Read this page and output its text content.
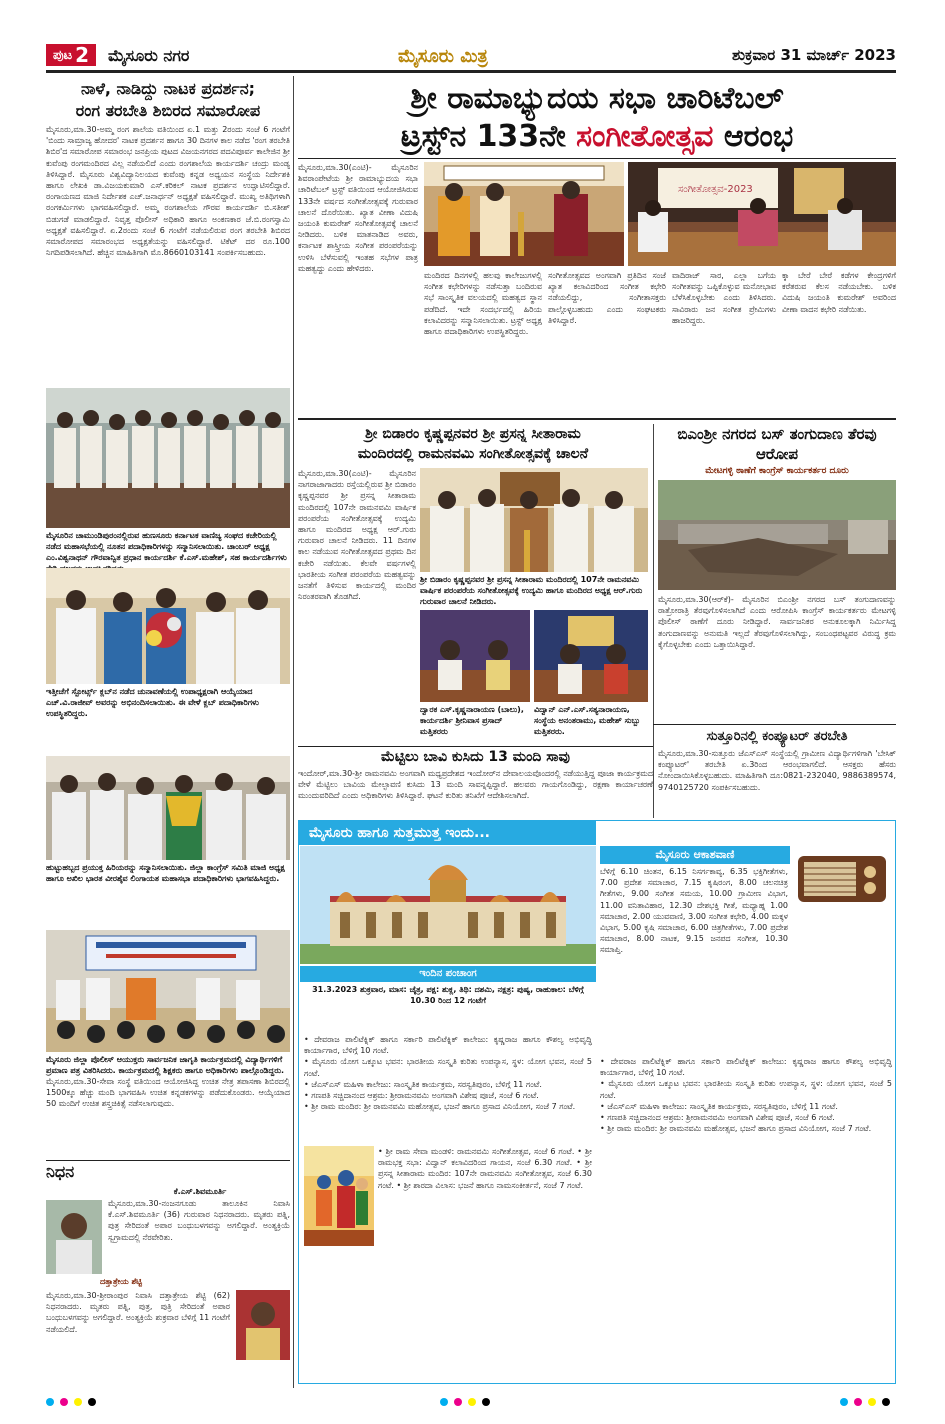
ಪುಟ 2 ಮೈಸೂರು ನಗರ	ಮೈಸೂರು ಮಿತ್ರ	ಶುಕ್ರವಾರ 31 ಮಾರ್ಚ್ 2023
ನಾಳೆ, ನಾಡಿದ್ದು ನಾಟಕ ಪ್ರದರ್ಶನ;
ರಂಗ ತರಬೇತಿ ಶಿಬಿರದ ಸಮಾರೋಪ
ಮೈಸೂರು,ಮಾ.30-ಅಮ್ಮ ರಂಗ ಶಾಲೆಯ ವತಿಯಿಂದ ಏ.1 ಮತ್ತು 2ರಂದು ಸಂಜೆ 6 ಗಂಟೆಗೆ 'ಬಿಂದು ಸಾಮ್ರಾಜ್ಯ ಹೋದರ' ನಾಟಕ ಪ್ರದರ್ಶನ ಹಾಗೂ 30 ದಿನಗಳ ಕಾಲ ನಡೆದ 'ರಂಗ ತರಬೇತಿ ಶಿಬಿರ'ದ ಸಮಾರೋಪ ಸಮಾರಂಭ ಜನಪ್ರಿಯ ಪುಟದ ವಿಜಯನಗರದ ಪದವಿಪೂರ್ವ ಕಾಲೇಜಿನ ಶ್ರೀ ಕುವೆಂಪು ರಂಗಮಂದಿರದ ವಿಲ್ಲ ನಡೆಯಲಿದೆ ಎಂದು ರಂಗಶಾಲೆಯ ಕಾರ್ಯದರ್ಶಿ ಚಂದ್ರು ಮಂಡ್ಯ ತಿಳಿಸಿದ್ದಾರೆ. ಮೈಸೂರು ವಿಶ್ವವಿದ್ಯಾನಿಲಯದ ಕುವೆಂಪು ಕನ್ನಡ ಅಧ್ಯಯನ ಸಂಸ್ಥೆಯ ನಿರ್ದೇಶಕಿ ಹಾಗೂ ಲೇಖಕಿ ಡಾ.ವಿಜಯಕುಮಾರಿ ಎಸ್.ಕರಿಕಲ್ ನಾಟಕ ಪ್ರದರ್ಶನ ಉದ್ಘಾಟಿಸಲಿದ್ದಾರೆ. ರಂಗಾಯಣದ ಮಾಜಿ ನಿರ್ದೇಶಕ ಎಚ್.ಜನಾರ್ಧನ್ ಅಧ್ಯಕ್ಷತೆ ವಹಿಸಲಿದ್ದಾರೆ. ಮುಖ್ಯ ಅತಿಥಿಗಳಾಗಿ ರಂಗಕರ್ಮಿಗಳು ಭಾಗವಹಿಸಲಿದ್ದಾರೆ. ಅಮ್ಮ ರಂಗಶಾಲೆಯ ಗೌರವ ಕಾರ್ಯದರ್ಶಿ ಬಿ.ಸತೀಶ್ ಬಿಡುಗಡೆ ಮಾಡಲಿದ್ದಾರೆ. ನಿವೃತ್ತ ಪೊಲೀಸ್ ಅಧಿಕಾರಿ ಹಾಗೂ ಅಂಕಣಕಾರ ಜೆ.ಬಿ.ರಂಗಸ್ವಾಮಿ ಅಧ್ಯಕ್ಷತೆ ವಹಿಸಲಿದ್ದಾರೆ. ಏ.2ರಂದು ಸಂಜೆ 6 ಗಂಟೆಗೆ ನಡೆಯಲಿರುವ ರಂಗ ತರಬೇತಿ ಶಿಬಿರದ ಸಮಾರೋಪದ ಸಮಾರಂಭದ ಅಧ್ಯಕ್ಷತೆಯನ್ನು ವಹಿಸಲಿದ್ದಾರೆ. ಟಿಕೆಟ್ ದರ ರೂ.100 ನಿಗದಿಪಡಿಸಲಾಗಿದೆ. ಹೆಚ್ಚಿನ ಮಾಹಿತಿಗಾಗಿ ಮೊ.8660103141 ಸಂಪರ್ಕಿಸಬಹುದು.
ಮೈಸೂರಿನ ಚಾಮುಂಡಿಪುರಂನಲ್ಲಿರುವ ಹುಣಸೂರು ಕರ್ನಾಟಕ ವಾಣಿಜ್ಯ ಸಂಘದ ಕಚೇರಿಯಲ್ಲಿ ನಡೆದ ಮಹಾಸಭೆಯಲ್ಲಿ ನೂತನ ಪದಾಧಿಕಾರಿಗಳನ್ನು ಸನ್ಮಾನಿಸಲಾಯಿತು. ಚಾಂಬರ್ ಅಧ್ಯಕ್ಷ ಎಂ.ವಿಶ್ವನಾಥನ್ ಗೌರವಾನ್ವಿತ ಪ್ರಧಾನ ಕಾರ್ಯದರ್ಶಿ ಕೆ.ಎಸ್.ಮಹೇಶ್, ಸಹ ಕಾರ್ಯದರ್ಶಿಗಳು
ಇತ್ತೀಚೆಗೆ ಸ್ಪೋರ್ಟ್ಸ್ ಕ್ಲಬ್‌ನ ನಡೆದ ಚುನಾವಣೆಯಲ್ಲಿ ಉಪಾಧ್ಯಕ್ಷರಾಗಿ ಆಯ್ಕೆಯಾದ ಎಚ್.ವಿ.ರಾಜೀವ್ ಅವರನ್ನು ಅಭಿನಂದಿಸಲಾಯಿತು. ಈ ವೇಳೆ ಕ್ಲಬ್ ಪದಾಧಿಕಾರಿಗಳು ಉಪಸ್ಥಿತರಿದ್ದರು.
ಹುಟ್ಟುಹಬ್ಬದ ಪ್ರಯುಕ್ತ ಹಿರಿಯರನ್ನು ಸನ್ಮಾನಿಸಲಾಯಿತು. ಜಿಲ್ಲಾ ಕಾಂಗ್ರೆಸ್ ಸಮಿತಿ ಮಾಜಿ ಅಧ್ಯಕ್ಷ ಹಾಗೂ ಅಖಿಲ ಭಾರತ ವೀರಶೈವ ಲಿಂಗಾಯತ ಮಹಾಸಭಾ ಪದಾಧಿಕಾರಿಗಳು ಭಾಗವಹಿಸಿದ್ದರು.
ಮೈಸೂರು ಜಿಲ್ಲಾ ಪೊಲೀಸ್ ಆಯುಕ್ತರು ಸಾರ್ವಜನಿಕ ಜಾಗೃತಿ ಕಾರ್ಯಕ್ರಮದಲ್ಲಿ ವಿದ್ಯಾರ್ಥಿಗಳಿಗೆ ಪ್ರಮಾಣ ಪತ್ರ ವಿತರಿಸಿದರು. ಕಾರ್ಯಕ್ರಮದಲ್ಲಿ ಶಿಕ್ಷಕರು ಹಾಗೂ ಅಧಿಕಾರಿಗಳು ಪಾಲ್ಗೊಂಡಿದ್ದರು.
ಮೈಸೂರು,ಮಾ.30-ಸೇವಾ ಸಂಸ್ಥೆ ವತಿಯಿಂದ ಆಯೋಜಿಸಿದ್ದ ಉಚಿತ ನೇತ್ರ ತಪಾಸಣಾ ಶಿಬಿರದಲ್ಲಿ 1500ಕ್ಕೂ ಹೆಚ್ಚು ಮಂದಿ ಭಾಗವಹಿಸಿ ಉಚಿತ ಕನ್ನಡಕಗಳನ್ನು ಪಡೆದುಕೊಂಡರು. ಆಯ್ಕೆಯಾದ 50 ಮಂದಿಗೆ ಉಚಿತ ಶಸ್ತ್ರಚಿಕಿತ್ಸೆ ನಡೆಸಲಾಗುವುದು.
ನಿಧನ
ಕೆ.ಎಸ್.ಶಿವಮೂರ್ತಿ
ಮೈಸೂರು,ಮಾ.30-ನಂಜನಗೂಡು ತಾಲೂಕಿನ ನಿವಾಸಿ ಕೆ.ಎಸ್.ಶಿವಮೂರ್ತಿ (36) ಗುರುವಾರ ನಿಧನರಾದರು. ಮೃತರು ಪತ್ನಿ, ಪುತ್ರ ಸೇರಿದಂತೆ ಅಪಾರ ಬಂಧುಬಳಗವನ್ನು ಅಗಲಿದ್ದಾರೆ. ಅಂತ್ಯಕ್ರಿಯೆ ಸ್ವಗ್ರಾಮದಲ್ಲಿ ನೆರವೇರಿತು.
ದತ್ತಾತ್ರೇಯ ಶೆಟ್ಟಿ
ಮೈಸೂರು,ಮಾ.30-ಶ್ರೀರಾಂಪುರ ನಿವಾಸಿ ದತ್ತಾತ್ರೇಯ ಶೆಟ್ಟಿ (62) ನಿಧನರಾದರು. ಮೃತರು ಪತ್ನಿ, ಪುತ್ರ, ಪುತ್ರಿ ಸೇರಿದಂತೆ ಅಪಾರ ಬಂಧುಬಳಗವನ್ನು ಅಗಲಿದ್ದಾರೆ. ಅಂತ್ಯಕ್ರಿಯೆ ಶುಕ್ರವಾರ ಬೆಳಿಗ್ಗೆ 11 ಗಂಟೆಗೆ ನಡೆಯಲಿದೆ.
ಶ್ರೀ ರಾಮಾಭ್ಯುದಯ ಸಭಾ ಚಾರಿಟೆಬಲ್
ಟ್ರಸ್ಟ್‌ನ 133ನೇ ಸಂಗೀತೋತ್ಸವ ಆರಂಭ
ಮೈಸೂರು,ಮಾ.30(ಎಂಟಿ)- ಮೈಸೂರಿನ ಶಿವರಾಂಪೇಟೆಯ ಶ್ರೀ ರಾಮಾಭ್ಯುದಯ ಸಭಾ ಚಾರಿಟೆಬಲ್ ಟ್ರಸ್ಟ್ ವತಿಯಿಂದ ಆಯೋಜಿಸಿರುವ 133ನೇ ವರ್ಷದ ಸಂಗೀತೋತ್ಸವಕ್ಕೆ ಗುರುವಾರ ಚಾಲನೆ ದೊರೆಯಿತು. ಖ್ಯಾತ ವೀಣಾ ವಿದುಷಿ ಜಯಂತಿ ಕುಮರೇಶ್ ಸಂಗೀತೋತ್ಸವಕ್ಕೆ ಚಾಲನೆ ನೀಡಿದರು. ಬಳಿಕ ಮಾತನಾಡಿದ ಅವರು, ಕರ್ನಾಟಕ ಶಾಸ್ತ್ರೀಯ ಸಂಗೀತ ಪರಂಪರೆಯನ್ನು ಉಳಿಸಿ ಬೆಳೆಸುವಲ್ಲಿ ಇಂತಹ ಸಭೆಗಳ ಪಾತ್ರ ಮಹತ್ವದ್ದು ಎಂದು ಹೇಳಿದರು.
ಸಂಗೀತೋತ್ಸವ-2023
ಮಂದಿರದ ದಿನಗಳಲ್ಲಿ ಹಲವು ಕಾಲೇಜುಗಳಲ್ಲಿ ಸಂಗೀತ ಕಛೇರಿಗಳನ್ನು ನಡೆಸುತ್ತಾ ಬಂದಿರುವ ಸಭೆ ಸಾಂಸ್ಕೃತಿಕ ವಲಯದಲ್ಲಿ ಮಹತ್ವದ ಸ್ಥಾನ ಪಡೆದಿದೆ. ಇದೇ ಸಂದರ್ಭದಲ್ಲಿ ಹಿರಿಯ ಕಲಾವಿದರನ್ನು ಸನ್ಮಾನಿಸಲಾಯಿತು. ಟ್ರಸ್ಟ್ ಅಧ್ಯಕ್ಷ ಹಾಗೂ ಪದಾಧಿಕಾರಿಗಳು ಉಪಸ್ಥಿತರಿದ್ದರು.
ಸಂಗೀತೋತ್ಸವದ ಅಂಗವಾಗಿ ಪ್ರತಿದಿನ ಸಂಜೆ ಖ್ಯಾತ ಕಲಾವಿದರಿಂದ ಸಂಗೀತ ಕಛೇರಿ ನಡೆಯಲಿದ್ದು, ಸಂಗೀತಾಸಕ್ತರು ಪಾಲ್ಗೊಳ್ಳಬಹುದು ಎಂದು ಸಂಘಟಕರು ತಿಳಿಸಿದ್ದಾರೆ.
ವಾದಿರಾಜ್ ಸಾರ, ಎಲ್ಲಾ ಬಗೆಯ ಸಂಗೀತವನ್ನು ಒಪ್ಪಿಕೊಳ್ಳುವ ಮನೋಭಾವ ಬೆಳೆಸಿಕೊಳ್ಳಬೇಕು ಎಂದು ತಿಳಿಸಿದರು. ಸಾವಿರಾರು ಜನ ಸಂಗೀತ ಪ್ರೇಮಿಗಳು ಹಾಜರಿದ್ದರು.
ಕ್ಕಾ ಬೇರೆ ಬೇರೆ ಕಡೆಗಳ ಕೇಂದ್ರಗಳಿಗೆ ಕರೆತರುವ ಕೆಲಸ ನಡೆಯಬೇಕು. ಬಳಿಕ ವಿದುಷಿ ಜಯಂತಿ ಕುಮರೇಶ್ ಅವರಿಂದ ವೀಣಾ ವಾದನ ಕಛೇರಿ ನಡೆಯಿತು.
ಶ್ರೀ ಬಿಡಾರಂ ಕೃಷ್ಣಪ್ಪನವರ ಶ್ರೀ ಪ್ರಸನ್ನ ಸೀತಾರಾಮ
ಮಂದಿರದಲ್ಲಿ ರಾಮನವಮಿ ಸಂಗೀತೋತ್ಸವಕ್ಕೆ ಚಾಲನೆ
ಮೈಸೂರು,ಮಾ.30(ಎಂಟಿ)- ಮೈಸೂರಿನ ನಾಗರಾಜಾಗಾದರು ರಸ್ತೆಯಲ್ಲಿರುವ ಶ್ರೀ ಬಿಡಾರಂ ಕೃಷ್ಣಪ್ಪನವರ ಶ್ರೀ ಪ್ರಸನ್ನ ಸೀತಾರಾಮ ಮಂದಿರದಲ್ಲಿ 107ನೇ ರಾಮನವಮಿ ವಾರ್ಷಿಕ ಪರಂಪರೆಯ ಸಂಗೀತೋತ್ಸವಕ್ಕೆ ಉದ್ಯಮಿ ಹಾಗೂ ಮಂದಿರದ ಅಧ್ಯಕ್ಷ ಆರ್.ಗುರು ಗುರುವಾರ ಚಾಲನೆ ನೀಡಿದರು. 11 ದಿನಗಳ ಕಾಲ ನಡೆಯುವ ಸಂಗೀತೋತ್ಸವದ ಪ್ರಥಮ ದಿನ ಕಚೇರಿ ನಡೆಯಿತು. ಕೆಲವೇ ವರ್ಷಗಳಲ್ಲಿ ಭಾರತೀಯ ಸಂಗೀತ ಪರಂಪರೆಯ ಮಹತ್ವವನ್ನು ಜನತೆಗೆ ತಿಳಿಸುವ ಕಾರ್ಯದಲ್ಲಿ ಮಂದಿರ ನಿರಂತರವಾಗಿ ತೊಡಗಿದೆ.
ಶ್ರೀ ಬಿಡಾರಂ ಕೃಷ್ಣಪ್ಪನವರ ಶ್ರೀ ಪ್ರಸನ್ನ ಸೀತಾರಾಮ ಮಂದಿರದಲ್ಲಿ 107ನೇ ರಾಮನವಮಿ ವಾರ್ಷಿಕ ಪರಂಪರೆಯ ಸಂಗೀತೋತ್ಸವಕ್ಕೆ ಉದ್ಯಮಿ ಹಾಗೂ ಮಂದಿರದ ಅಧ್ಯಕ್ಷ ಆರ್.ಗುರು ಗುರುವಾರ ಚಾಲನೆ ನೀಡಿದರು.
ದ್ವಾರಕ ಎಸ್.ಕೃಷ್ಣನಾರಾಯಣ (ಬಾಲು), ಕಾರ್ಯದರ್ಶಿ ಶ್ರೀನಿವಾಸ ಪ್ರಸಾದ್ ಮತ್ತಿತರರು
ವಿದ್ವಾನ್ ಎನ್.ಎಸ್.ಸತ್ಯನಾರಾಯಣ, ಸಂಸ್ಥೆಯ ಅನಂತರಾಮು, ಮಹೇಶ್ ಸುಬ್ಬು ಮತ್ತಿತರರು.
ಬಿಎಂಶ್ರೀ ನಗರದ ಬಸ್ ತಂಗುದಾಣ ತೆರವು ಆರೋಪ
ಮೇಟಗಳ್ಳಿ ಠಾಣೆಗೆ ಕಾಂಗ್ರೆಸ್ ಕಾರ್ಯಕರ್ತರ ದೂರು
ಮೈಸೂರು,ಮಾ.30(ಆರ್‌ಕೆ)- ಮೈಸೂರಿನ ಬಿಎಂಶ್ರೀ ನಗರದ ಬಸ್ ತಂಗುದಾಣವನ್ನು ರಾತ್ರೋರಾತ್ರಿ ತೆರವುಗೊಳಿಸಲಾಗಿದೆ ಎಂದು ಆರೋಪಿಸಿ ಕಾಂಗ್ರೆಸ್ ಕಾರ್ಯಕರ್ತರು ಮೇಟಗಳ್ಳಿ ಪೊಲೀಸ್ ಠಾಣೆಗೆ ದೂರು ನೀಡಿದ್ದಾರೆ. ಸಾರ್ವಜನಿಕರ ಅನುಕೂಲಕ್ಕಾಗಿ ನಿರ್ಮಿಸಿದ್ದ ತಂಗುದಾಣವನ್ನು ಅನುಮತಿ ಇಲ್ಲದೆ ತೆರವುಗೊಳಿಸಲಾಗಿದ್ದು, ಸಂಬಂಧಪಟ್ಟವರ ವಿರುದ್ಧ ಕ್ರಮ ಕೈಗೊಳ್ಳಬೇಕು ಎಂದು ಒತ್ತಾಯಿಸಿದ್ದಾರೆ.
ಸುತ್ತೂರಿನಲ್ಲಿ ಕಂಪ್ಯೂಟರ್ ತರಬೇತಿ
ಮೈಸೂರು,ಮಾ.30-ಸುತ್ತೂರು ಜೆಎಸ್‌ಎಸ್ ಸಂಸ್ಥೆಯಲ್ಲಿ ಗ್ರಾಮೀಣ ವಿದ್ಯಾರ್ಥಿಗಳಿಗಾಗಿ 'ಬೇಸಿಕ್ ಕಂಪ್ಯೂಟರ್' ತರಬೇತಿ ಏ.3ರಿಂದ ಆರಂಭವಾಗಲಿದೆ. ಆಸಕ್ತರು ಹೆಸರು ನೋಂದಾಯಿಸಿಕೊಳ್ಳಬಹುದು. ಮಾಹಿತಿಗಾಗಿ ದೂ:0821-232040, 9886389574, 9740125720 ಸಂಪರ್ಕಿಸಬಹುದು.
ಮೆಟ್ಟಿಲು ಬಾವಿ ಕುಸಿದು 13 ಮಂದಿ ಸಾವು
ಇಂದೋರ್,ಮಾ.30-ಶ್ರೀ ರಾಮನವಮಿ ಅಂಗವಾಗಿ ಮಧ್ಯಪ್ರದೇಶದ ಇಂದೋರ್‌ನ ದೇವಾಲಯವೊಂದರಲ್ಲಿ ನಡೆಯುತ್ತಿದ್ದ ಪೂಜಾ ಕಾರ್ಯಕ್ರಮದ ವೇಳೆ ಮೆಟ್ಟಿಲು ಬಾವಿಯ ಮೇಲ್ಛಾವಣಿ ಕುಸಿದು 13 ಮಂದಿ ಸಾವನ್ನಪ್ಪಿದ್ದಾರೆ. ಹಲವರು ಗಾಯಗೊಂಡಿದ್ದು, ರಕ್ಷಣಾ ಕಾರ್ಯಾಚರಣೆ ಮುಂದುವರಿದಿದೆ ಎಂದು ಅಧಿಕಾರಿಗಳು ತಿಳಿಸಿದ್ದಾರೆ. ಘಟನೆ ಕುರಿತು ತನಿಖೆಗೆ ಆದೇಶಿಸಲಾಗಿದೆ.
ಮೈಸೂರು ಹಾಗೂ ಸುತ್ತಮುತ್ತ ಇಂದು...
ಇಂದಿನ ಪಂಚಾಂಗ
31.3.2023 ಶುಕ್ರವಾರ, ಮಾಸ: ಚೈತ್ರ, ಪಕ್ಷ: ಶುಕ್ಲ, ತಿಥಿ: ದಶಮಿ, ನಕ್ಷತ್ರ: ಪುಷ್ಯ, ರಾಹುಕಾಲ: ಬೆಳಿಗ್ಗೆ 10.30 ರಿಂದ 12 ಗಂಟೆಗೆ
• ದೇವರಾಜ ಪಾಲಿಟೆಕ್ನಿಕ್ ಹಾಗೂ ಸರ್ಕಾರಿ ಪಾಲಿಟೆಕ್ನಿಕ್ ಕಾಲೇಜು: ಕೃಷ್ಣರಾಜ ಹಾಗೂ ಕೌಶಲ್ಯ ಅಭಿವೃದ್ಧಿ ಕಾರ್ಯಾಗಾರ, ಬೆಳಿಗ್ಗೆ 10 ಗಂಟೆ.
• ಮೈಸೂರು ಯೋಗ ಒಕ್ಕೂಟ ಭವನ: ಭಾರತೀಯ ಸಂಸ್ಕೃತಿ ಕುರಿತು ಉಪನ್ಯಾಸ, ಸ್ಥಳ: ಯೋಗ ಭವನ, ಸಂಜೆ 5 ಗಂಟೆ.
• ಜೆಎಸ್ಎಸ್ ಮಹಿಳಾ ಕಾಲೇಜು: ಸಾಂಸ್ಕೃತಿಕ ಕಾರ್ಯಕ್ರಮ, ಸರಸ್ವತಿಪುರಂ, ಬೆಳಿಗ್ಗೆ 11 ಗಂಟೆ.
• ಗಣಪತಿ ಸಚ್ಚಿದಾನಂದ ಆಶ್ರಮ: ಶ್ರೀರಾಮನವಮಿ ಅಂಗವಾಗಿ ವಿಶೇಷ ಪೂಜೆ, ಸಂಜೆ 6 ಗಂಟೆ.
• ಶ್ರೀ ರಾಮ ಮಂದಿರ: ಶ್ರೀ ರಾಮನವಮಿ ಮಹೋತ್ಸವ, ಭಜನೆ ಹಾಗೂ ಪ್ರಸಾದ ವಿನಿಯೋಗ, ಸಂಜೆ 7 ಗಂಟೆ.
• ಶ್ರೀ ರಾಮ ಸೇವಾ ಮಂಡಳಿ: ರಾಮನವಮಿ ಸಂಗೀತೋತ್ಸವ, ಸಂಜೆ 6 ಗಂಟೆ. • ಶ್ರೀ ರಾಮಭಕ್ತ ಸಭಾ: ವಿದ್ವಾನ್ ಕಲಾವಿದರಿಂದ ಗಾಯನ, ಸಂಜೆ 6.30 ಗಂಟೆ. • ಶ್ರೀ ಪ್ರಸನ್ನ ಸೀತಾರಾಮ ಮಂದಿರ: 107ನೇ ರಾಮನವಮಿ ಸಂಗೀತೋತ್ಸವ, ಸಂಜೆ 6.30 ಗಂಟೆ. • ಶ್ರೀ ಶಾರದಾ ವಿಲಾಸ: ಭಜನೆ ಹಾಗೂ ನಾಮಸಂಕೀರ್ತನೆ, ಸಂಜೆ 7 ಗಂಟೆ.
ಮೈಸೂರು ಆಕಾಶವಾಣಿ
ಬೆಳಿಗ್ಗೆ 6.10 ಚಿಂತನ, 6.15 ನಿಸರ್ಗಕಾವ್ಯ, 6.35 ಭಕ್ತಿಗೀತೆಗಳು, 7.00 ಪ್ರದೇಶ ಸಮಾಚಾರ, 7.15 ಕೃಷಿರಂಗ, 8.00 ಚಲನಚಿತ್ರ ಗೀತೆಗಳು, 9.00 ಸಂಗೀತ ಸಮಯ, 10.00 ಗ್ರಾಮೀಣ ವಿಭಾಗ, 11.00 ವನಿತಾವಿಹಾರ, 12.30 ದೇಶಭಕ್ತಿ ಗೀತೆ, ಮಧ್ಯಾಹ್ನ 1.00 ಸಮಾಚಾರ, 2.00 ಯುವವಾಣಿ, 3.00 ಸಂಗೀತ ಕಛೇರಿ, 4.00 ಮಕ್ಕಳ ವಿಭಾಗ, 5.00 ಕೃಷಿ ಸಮಾಚಾರ, 6.00 ಚಿತ್ರಗೀತೆಗಳು, 7.00 ಪ್ರದೇಶ ಸಮಾಚಾರ, 8.00 ನಾಟಕ, 9.15 ಜನಪದ ಸಂಗೀತ, 10.30 ಸಮಾಪ್ತಿ.
• ದೇವರಾಜ ಪಾಲಿಟೆಕ್ನಿಕ್ ಹಾಗೂ ಸರ್ಕಾರಿ ಪಾಲಿಟೆಕ್ನಿಕ್ ಕಾಲೇಜು: ಕೃಷ್ಣರಾಜ ಹಾಗೂ ಕೌಶಲ್ಯ ಅಭಿವೃದ್ಧಿ ಕಾರ್ಯಾಗಾರ, ಬೆಳಿಗ್ಗೆ 10 ಗಂಟೆ.
• ಮೈಸೂರು ಯೋಗ ಒಕ್ಕೂಟ ಭವನ: ಭಾರತೀಯ ಸಂಸ್ಕೃತಿ ಕುರಿತು ಉಪನ್ಯಾಸ, ಸ್ಥಳ: ಯೋಗ ಭವನ, ಸಂಜೆ 5 ಗಂಟೆ.
• ಜೆಎಸ್ಎಸ್ ಮಹಿಳಾ ಕಾಲೇಜು: ಸಾಂಸ್ಕೃತಿಕ ಕಾರ್ಯಕ್ರಮ, ಸರಸ್ವತಿಪುರಂ, ಬೆಳಿಗ್ಗೆ 11 ಗಂಟೆ.
• ಗಣಪತಿ ಸಚ್ಚಿದಾನಂದ ಆಶ್ರಮ: ಶ್ರೀರಾಮನವಮಿ ಅಂಗವಾಗಿ ವಿಶೇಷ ಪೂಜೆ, ಸಂಜೆ 6 ಗಂಟೆ.
• ಶ್ರೀ ರಾಮ ಮಂದಿರ: ಶ್ರೀ ರಾಮನವಮಿ ಮಹೋತ್ಸವ, ಭಜನೆ ಹಾಗೂ ಪ್ರಸಾದ ವಿನಿಯೋಗ, ಸಂಜೆ 7 ಗಂಟೆ.
